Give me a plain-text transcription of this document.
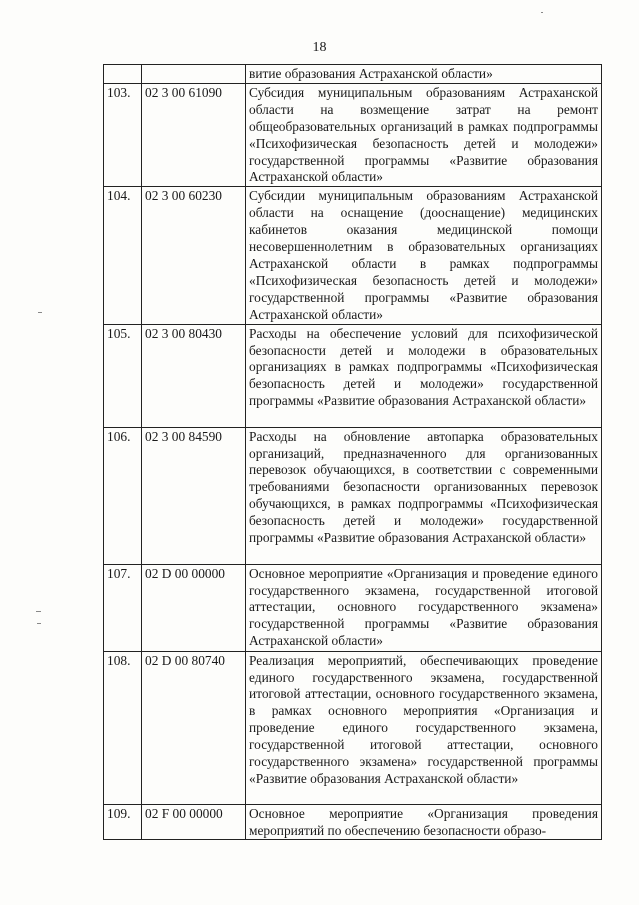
18
		витие образования Астраханской области»
103.	02 3 00 61090	Субсидия муниципальным образованиям Астраханской области на возмещение затрат на ремонт общеобразовательных организаций в рамках подпрограммы «Психофизическая безопасность детей и молодежи» государственной программы «Развитие образования Астраханской области»
104.	02 3 00 60230	Субсидии муниципальным образованиям Астраханской области на оснащение (дооснащение) медицинских кабинетов оказания медицинской помощи несовершеннолетним в образовательных организациях Астраханской области в рамках подпрограммы «Психофизическая безопасность детей и молодежи» государственной программы «Развитие образования Астраханской области»
105.	02 3 00 80430	Расходы на обеспечение условий для психофизической безопасности детей и молодежи в образовательных организациях в рамках подпрограммы «Психофизическая безопасность детей и молодежи» государственной программы «Развитие образования Астраханской области»
106.	02 3 00 84590	Расходы на обновление автопарка образовательных организаций, предназначенного для организованных перевозок обучающихся, в соответствии с современными требованиями безопасности организованных перевозок обучающихся, в рамках подпрограммы «Психофизическая безопасность детей и молодежи» государственной программы «Развитие образования Астраханской области»
107.	02 D 00 00000	Основное мероприятие «Организация и проведение единого государственного экзамена, государственной итоговой аттестации, основного государственного экзамена» государственной программы «Развитие образования Астраханской области»
108.	02 D 00 80740	Реализация мероприятий, обеспечивающих проведение единого государственного экзамена, государственной итоговой аттестации, основного государственного экзамена, в рамках основного мероприятия «Организация и проведение единого государственного экзамена, государственной итоговой аттестации, основного государственного экзамена» государственной программы «Развитие образования Астраханской области»
109.	02 F 00 00000	Основное мероприятие «Организация проведения мероприятий по обеспечению безопасности образо-
